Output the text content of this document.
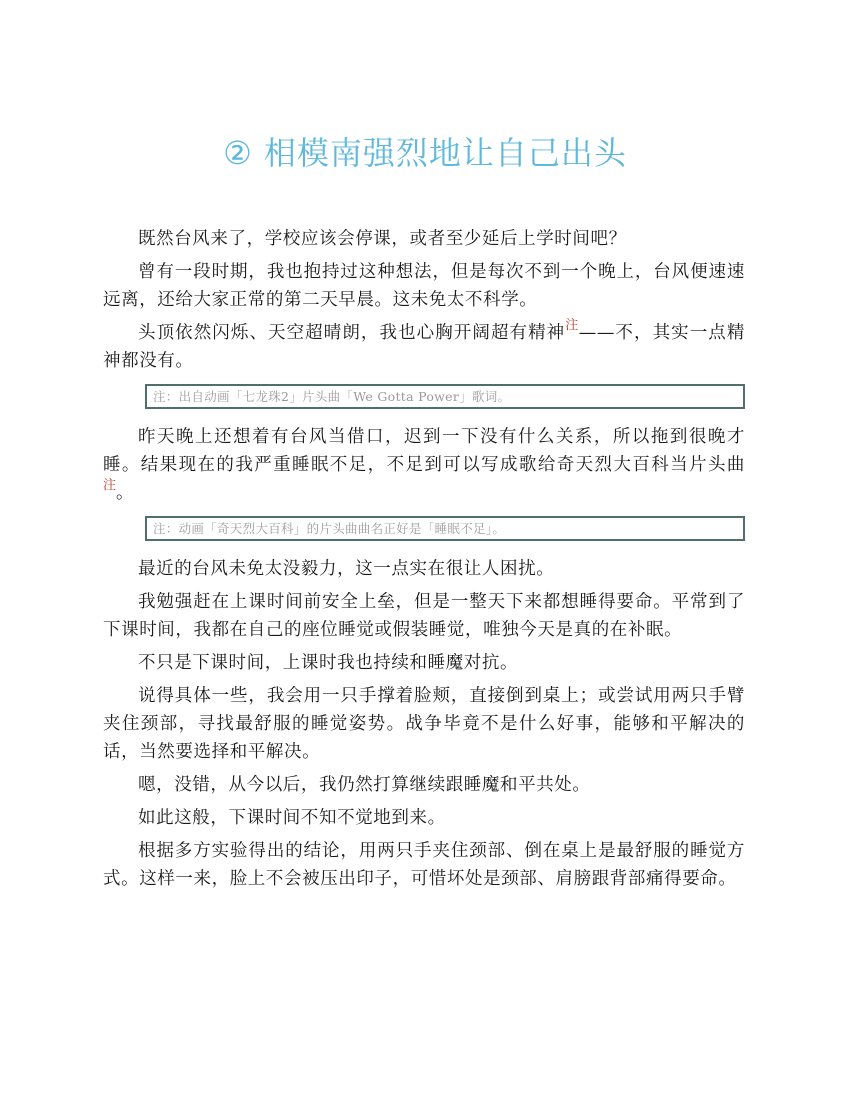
② 相模南强烈地让自己出头

既然台风来了，学校应该会停课，或者至少延后上学时间吧？

曾有一段时期，我也抱持过这种想法，但是每次不到一个晚上，台风便速速远离，还给大家正常的第二天早晨。这未免太不科学。

头顶依然闪烁、天空超晴朗，我也心胸开阔超有精神$^注$——不，其实一点精神都没有。

注：出自动画「七龙珠2」片头曲「We Gotta Power」歌词。

昨天晚上还想着有台风当借口，迟到一下没有什么关系，所以拖到很晚才睡。结果现在的我严重睡眠不足，不足到可以写成歌给奇天烈大百科当片头曲$^注$。

注：动画「奇天烈大百科」的片头曲曲名正好是「睡眠不足」。

最近的台风未免太没毅力，这一点实在很让人困扰。

我勉强赶在上课时间前安全上垒，但是一整天下来都想睡得要命。平常到了下课时间，我都在自己的座位睡觉或假装睡觉，唯独今天是真的在补眠。

不只是下课时间，上课时我也持续和睡魔对抗。

说得具体一些，我会用一只手撑着脸颊，直接倒到桌上；或尝试用两只手臂夹住颈部，寻找最舒服的睡觉姿势。战争毕竟不是什么好事，能够和平解决的话，当然要选择和平解决。

嗯，没错，从今以后，我仍然打算继续跟睡魔和平共处。

如此这般，下课时间不知不觉地到来。

根据多方实验得出的结论，用两只手夹住颈部、倒在桌上是最舒服的睡觉方式。这样一来，脸上不会被压出印子，可惜坏处是颈部、肩膀跟背部痛得要命。
